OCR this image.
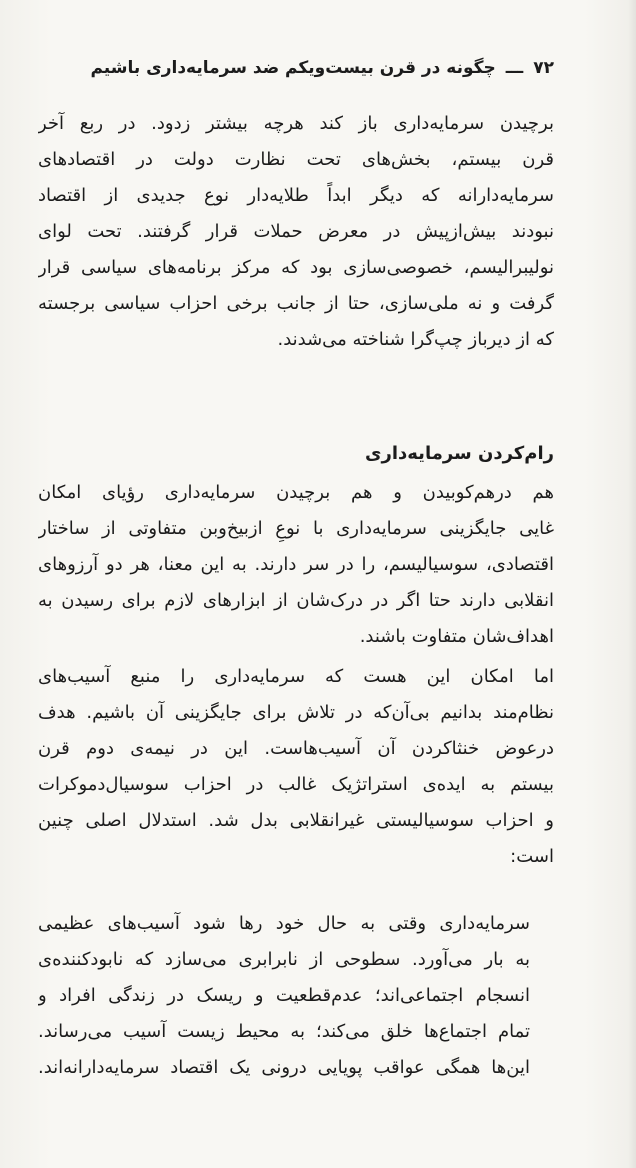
۷۲
ـــ
چگونه در قرن بیست‌ویکم ضد سرمایه‌داری باشیم
برچیدن سرمایه‌داری باز کند هرچه بیشتر زدود. در ربع آخر
قرن بیستم، بخش‌های تحت نظارت دولت در اقتصادهای
سرمایه‌دارانه که دیگر ابداً طلایه‌دار نوع جدیدی از اقتصاد
نبودند بیش‌ازپیش در معرض حملات قرار گرفتند. تحت لوای
نولیبرالیسم، خصوصی‌سازی بود که مرکز برنامه‌های سیاسی قرار
گرفت و نه ملی‌سازی، حتا از جانب برخی احزاب سیاسی برجسته
که از دیرباز چپ‌گرا شناخته می‌شدند.
رام‌کردن سرمایه‌داری
هم درهم‌کوبیدن و هم برچیدن سرمایه‌داری رؤیای امکان
غایی جایگزینی سرمایه‌داری با نوعِ ازبیخ‌وبن متفاوتی از ساختار
اقتصادی، سوسیالیسم، را در سر دارند. به این معنا، هر دو آرزوهای
انقلابی دارند حتا اگر در درک‌شان از ابزارهای لازم برای رسیدن به
اهداف‌شان متفاوت باشند.
اما امکان این هست که سرمایه‌داری را منبع آسیب‌های
نظام‌مند بدانیم بی‌آن‌که در تلاش برای جایگزینی آن باشیم. هدف
درعوض خنثاکردن آن آسیب‌هاست. این در نیمه‌ی دوم قرن
بیستم به ایده‌ی استراتژیک غالب در احزاب سوسیال‌دموکرات
و احزاب سوسیالیستی غیرانقلابی بدل شد. استدلال اصلی چنین
است:
سرمایه‌داری وقتی به حال خود رها شود آسیب‌های عظیمی
به بار می‌آورد. سطوحی از نابرابری می‌سازد که نابودکننده‌ی
انسجام اجتماعی‌اند؛ عدم‌قطعیت و ریسک در زندگی افراد و
تمام اجتماع‌ها خلق می‌کند؛ به محیط زیست آسیب می‌رساند.
این‌ها همگی عواقب پویایی درونی یک اقتصاد سرمایه‌دارانه‌اند.
